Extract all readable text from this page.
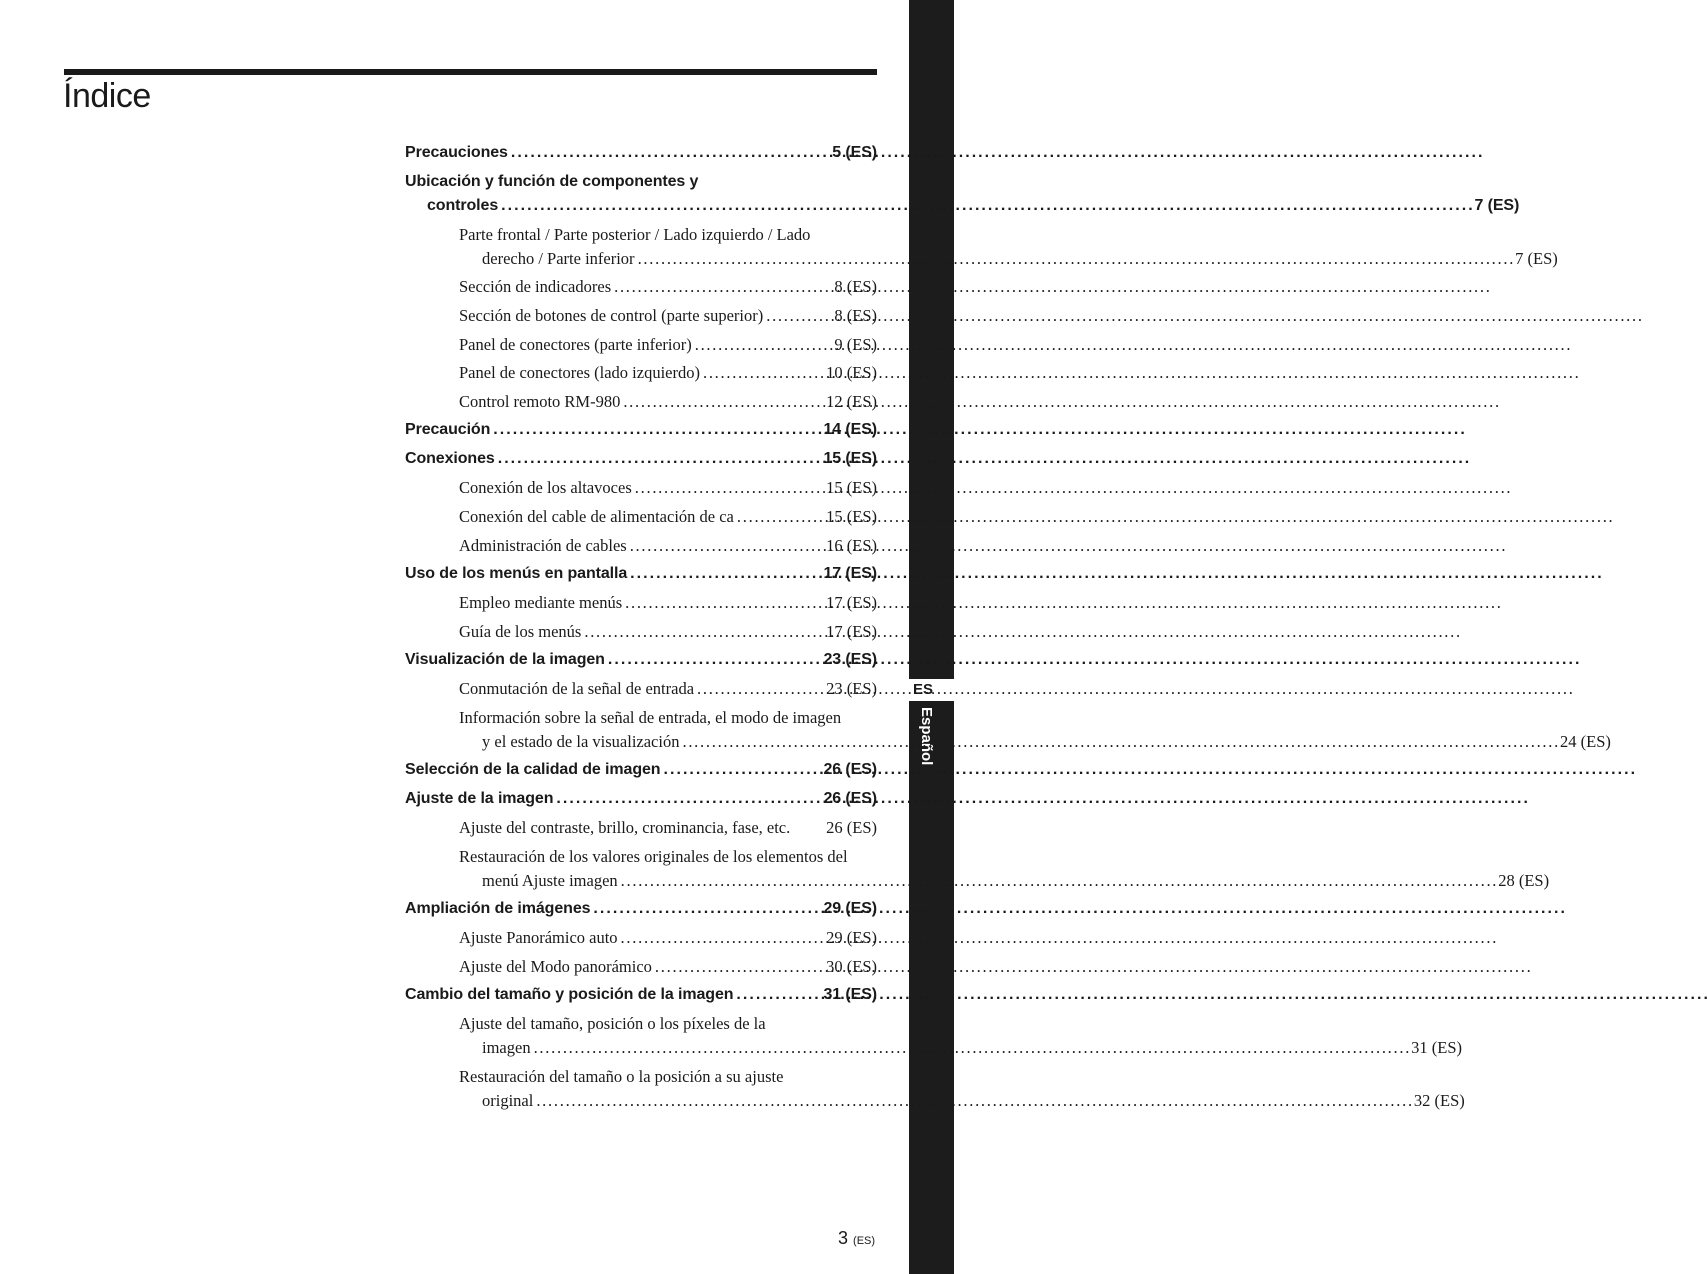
Índice
ES
Español
Precauciones . . .	5 (ES)
Ubicación y función de componentes y
controles . . .	7 (ES)
Parte frontal / Parte posterior / Lado izquierdo / Lado
derecho / Parte inferior . . .	7 (ES)
Sección de indicadores . . .	8 (ES)
Sección de botones de control (parte superior) . . .	8 (ES)
Panel de conectores (parte inferior) . . .	9 (ES)
Panel de conectores (lado izquierdo) . . .	10 (ES)
Control remoto RM-980 . . .	12 (ES)
Precaución . . .	14 (ES)
Conexiones . . .	15 (ES)
Conexión de los altavoces . . .	15 (ES)
Conexión del cable de alimentación de ca . . .	15 (ES)
Administración de cables . . .	16 (ES)
Uso de los menús en pantalla . . .	17 (ES)
Empleo mediante menús . . .	17 (ES)
Guía de los menús . . .	17 (ES)
Visualización de la imagen . . .	23 (ES)
Conmutación de la señal de entrada . . .	23 (ES)
Información sobre la señal de entrada, el modo de imagen
y el estado de la visualización . . .	24 (ES)
Selección de la calidad de imagen . . .	26 (ES)
Ajuste de la imagen . . .	26 (ES)
Ajuste del contraste, brillo, crominancia, fase, etc. 26 (ES)
Restauración de los valores originales de los elementos del
menú Ajuste imagen . . .	28 (ES)
Ampliación de imágenes . . .	29 (ES)
Ajuste Panorámico auto . . .	29 (ES)
Ajuste del Modo panorámico . . .	30 (ES)
Cambio del tamaño y posición de la imagen . . .	31 (ES)
Ajuste del tamaño, posición o los píxeles de la
imagen . . .	31 (ES)
Restauración del tamaño o la posición a su ajuste
original . . .	32 (ES)
3 (ES)
